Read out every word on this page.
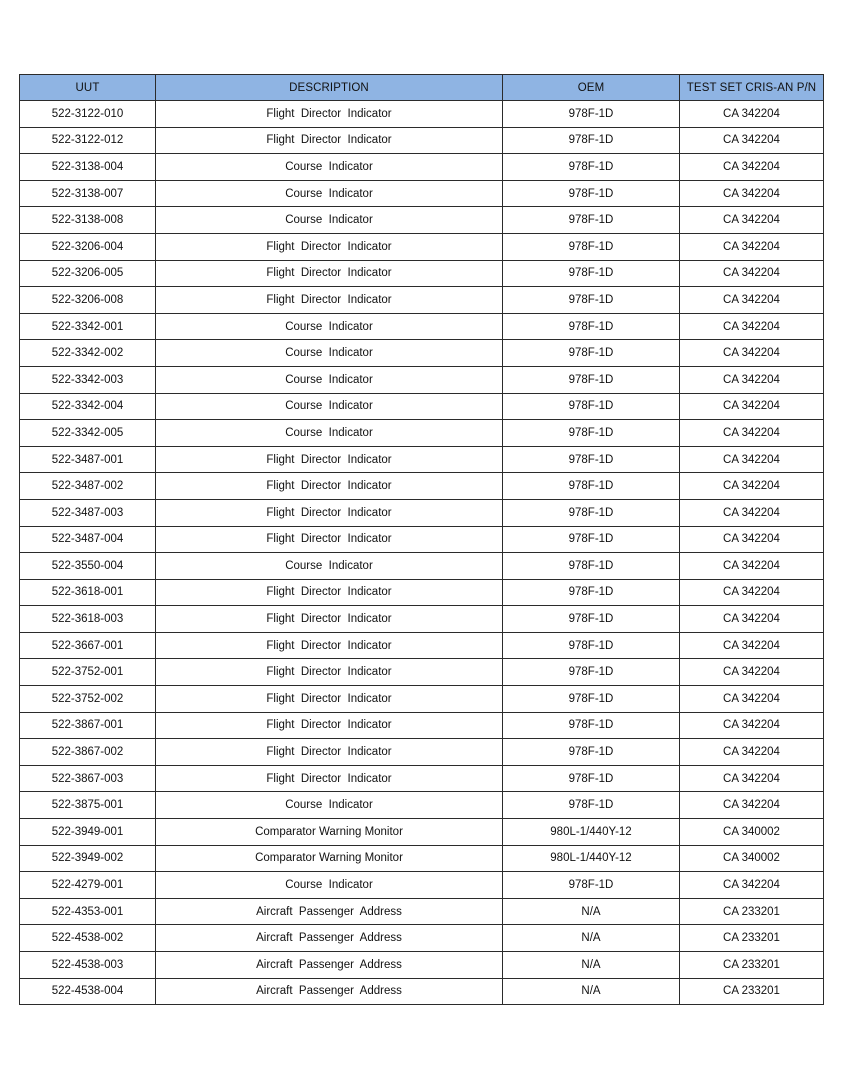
UUT	DESCRIPTION	OEM	TEST SET CRIS-AN P/N
522-3122-010	Flight  Director  Indicator	978F-1D	CA 342204
522-3122-012	Flight  Director  Indicator	978F-1D	CA 342204
522-3138-004	Course  Indicator	978F-1D	CA 342204
522-3138-007	Course  Indicator	978F-1D	CA 342204
522-3138-008	Course  Indicator	978F-1D	CA 342204
522-3206-004	Flight  Director  Indicator	978F-1D	CA 342204
522-3206-005	Flight  Director  Indicator	978F-1D	CA 342204
522-3206-008	Flight  Director  Indicator	978F-1D	CA 342204
522-3342-001	Course  Indicator	978F-1D	CA 342204
522-3342-002	Course  Indicator	978F-1D	CA 342204
522-3342-003	Course  Indicator	978F-1D	CA 342204
522-3342-004	Course  Indicator	978F-1D	CA 342204
522-3342-005	Course  Indicator	978F-1D	CA 342204
522-3487-001	Flight  Director  Indicator	978F-1D	CA 342204
522-3487-002	Flight  Director  Indicator	978F-1D	CA 342204
522-3487-003	Flight  Director  Indicator	978F-1D	CA 342204
522-3487-004	Flight  Director  Indicator	978F-1D	CA 342204
522-3550-004	Course  Indicator	978F-1D	CA 342204
522-3618-001	Flight  Director  Indicator	978F-1D	CA 342204
522-3618-003	Flight  Director  Indicator	978F-1D	CA 342204
522-3667-001	Flight  Director  Indicator	978F-1D	CA 342204
522-3752-001	Flight  Director  Indicator	978F-1D	CA 342204
522-3752-002	Flight  Director  Indicator	978F-1D	CA 342204
522-3867-001	Flight  Director  Indicator	978F-1D	CA 342204
522-3867-002	Flight  Director  Indicator	978F-1D	CA 342204
522-3867-003	Flight  Director  Indicator	978F-1D	CA 342204
522-3875-001	Course  Indicator	978F-1D	CA 342204
522-3949-001	Comparator Warning Monitor	980L-1/440Y-12	CA 340002
522-3949-002	Comparator Warning Monitor	980L-1/440Y-12	CA 340002
522-4279-001	Course  Indicator	978F-1D	CA 342204
522-4353-001	Aircraft  Passenger  Address	N/A	CA 233201
522-4538-002	Aircraft  Passenger  Address	N/A	CA 233201
522-4538-003	Aircraft  Passenger  Address	N/A	CA 233201
522-4538-004	Aircraft  Passenger  Address	N/A	CA 233201
